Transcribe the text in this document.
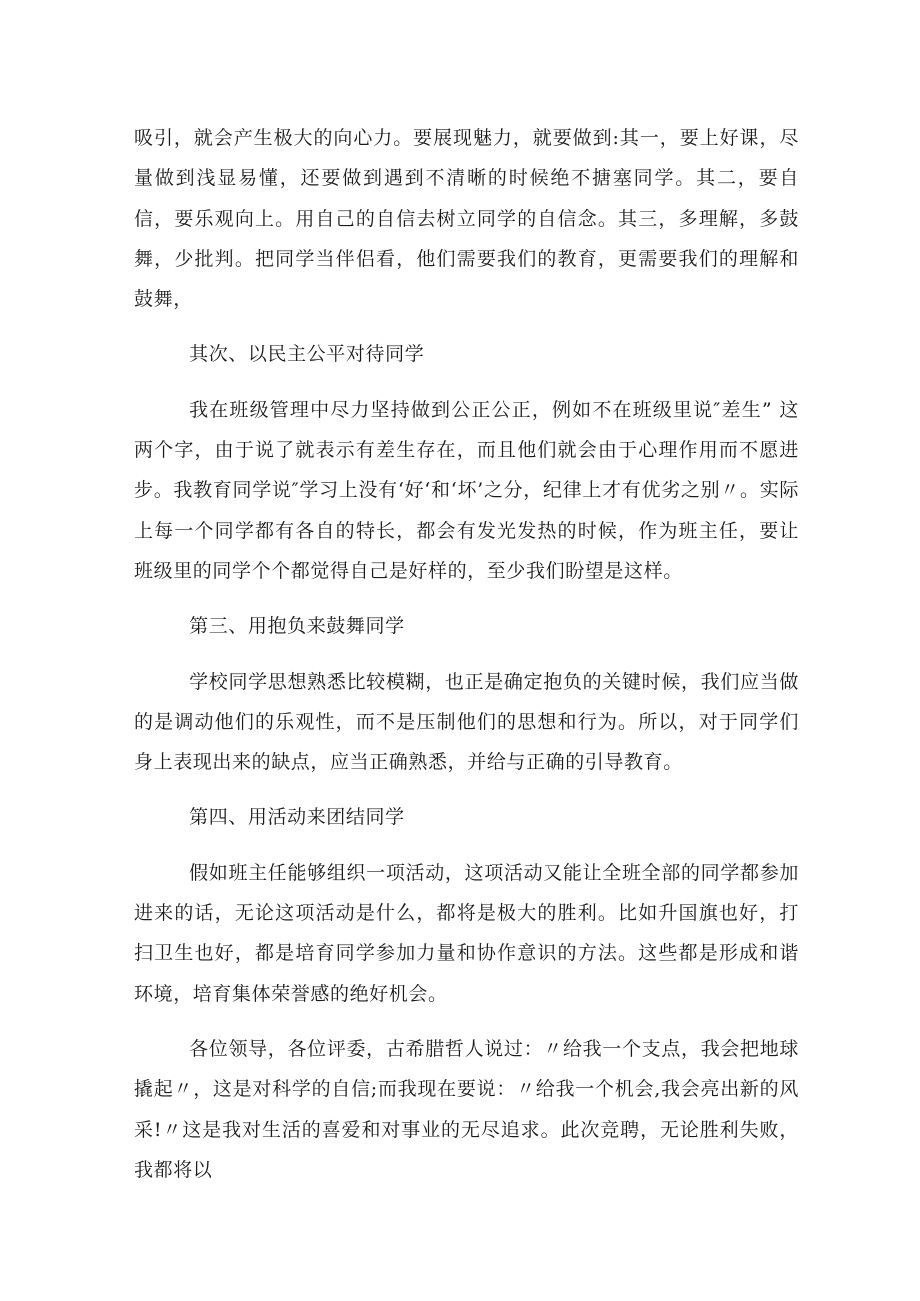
吸引，就会产生极大的向心力。要展现魅力，就要做到:其一，要上好课，尽量做到浅显易懂，还要做到遇到不清晰的时候绝不搪塞同学。其二，要自信，要乐观向上。用自己的自信去树立同学的自信念。其三，多理解，多鼓舞，少批判。把同学当伴侣看，他们需要我们的教育，更需要我们的理解和鼓舞，

其次、以民主公平对待同学

我在班级管理中尽力坚持做到公正公正，例如不在班级里说″差生” 这两个字，由于说了就表示有差生存在，而且他们就会由于心理作用而不愿进步。我教育同学说″学习上没有‘好‘和‘坏’之分，纪律上才有优劣之别〃。实际上每一个同学都有各自的特长，都会有发光发热的时候，作为班主任，要让班级里的同学个个都觉得自己是好样的，至少我们盼望是这样。

第三、用抱负来鼓舞同学

学校同学思想熟悉比较模糊，也正是确定抱负的关键时候，我们应当做的是调动他们的乐观性，而不是压制他们的思想和行为。所以，对于同学们身上表现出来的缺点，应当正确熟悉，并给与正确的引导教育。

第四、用活动来团结同学

假如班主任能够组织一项活动，这项活动又能让全班全部的同学都参加进来的话，无论这项活动是什么，都将是极大的胜利。比如升国旗也好，打扫卫生也好，都是培育同学参加力量和协作意识的方法。这些都是形成和谐环境，培育集体荣誉感的绝好机会。

各位领导，各位评委，古希腊哲人说过：〃给我一个支点，我会把地球撬起〃，这是对科学的自信;而我现在要说：〃给我一个机会,我会亮出新的风采!〃这是我对生活的喜爱和对事业的无尽追求。此次竞聘，无论胜利失败，我都将以
